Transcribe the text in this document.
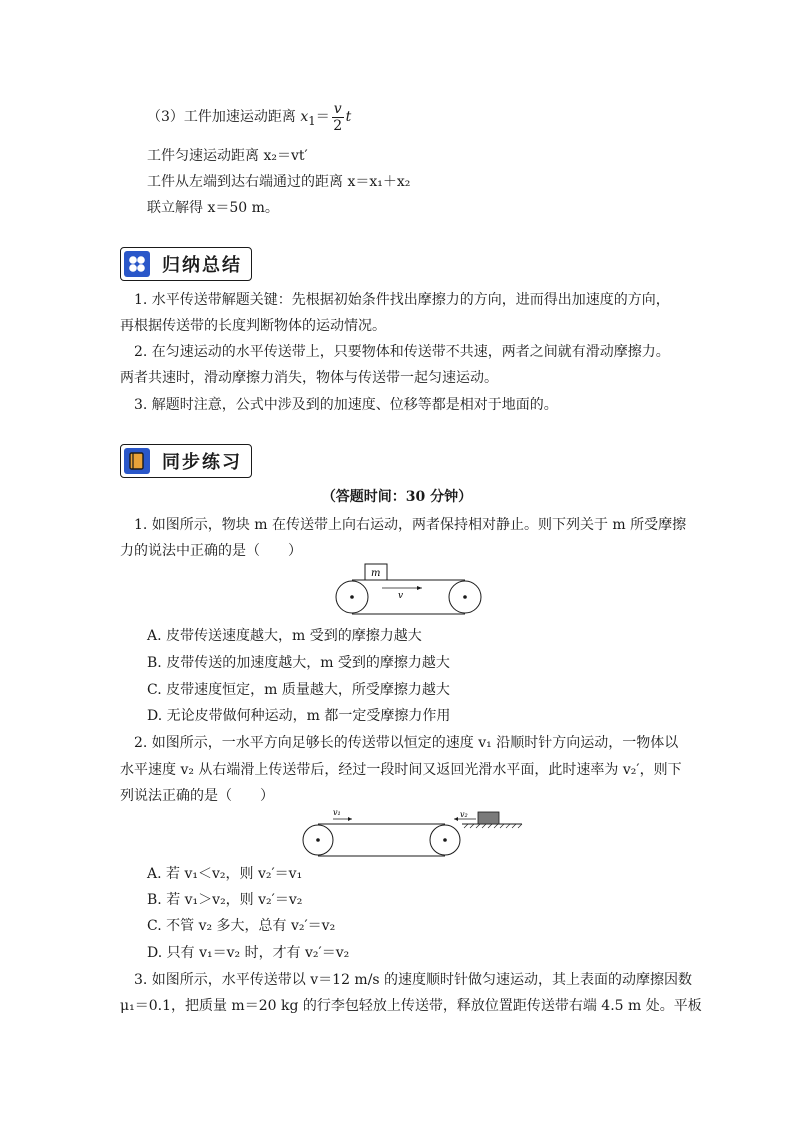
（3）工件加速运动距离 $x_1= \frac{v}{2}$ t
工件匀速运动距离 x₂＝vt′
工件从左端到达右端通过的距离 x＝x₁＋x₂
联立解得 x＝50 m。
归纳总结
1. 水平传送带解题关键：先根据初始条件找出摩擦力的方向，进而得出加速度的方向，
再根据传送带的长度判断物体的运动情况。
2. 在匀速运动的水平传送带上，只要物体和传送带不共速，两者之间就有滑动摩擦力。
两者共速时，滑动摩擦力消失，物体与传送带一起匀速运动。
3. 解题时注意，公式中涉及到的加速度、位移等都是相对于地面的。
同步练习
（答题时间：30 分钟）
1. 如图所示，物块 m 在传送带上向右运动，两者保持相对静止。则下列关于 m 所受摩擦
力的说法中正确的是（　　）
m
v
A. 皮带传送速度越大，m 受到的摩擦力越大
B. 皮带传送的加速度越大，m 受到的摩擦力越大
C. 皮带速度恒定，m 质量越大，所受摩擦力越大
D. 无论皮带做何种运动，m 都一定受摩擦力作用
2. 如图所示，一水平方向足够长的传送带以恒定的速度 v₁ 沿顺时针方向运动，一物体以
水平速度 v₂ 从右端滑上传送带后，经过一段时间又返回光滑水平面，此时速率为 v₂′，则下
列说法正确的是（　　）
v₁	v₂
A. 若 v₁＜v₂，则 v₂′＝v₁
B. 若 v₁＞v₂，则 v₂′＝v₂
C. 不管 v₂ 多大，总有 v₂′＝v₂
D. 只有 v₁＝v₂ 时，才有 v₂′＝v₂
3. 如图所示，水平传送带以 v＝12 m/s 的速度顺时针做匀速运动，其上表面的动摩擦因数
μ₁＝0.1，把质量 m＝20 kg 的行李包轻放上传送带，释放位置距传送带右端 4.5 m 处。平板
